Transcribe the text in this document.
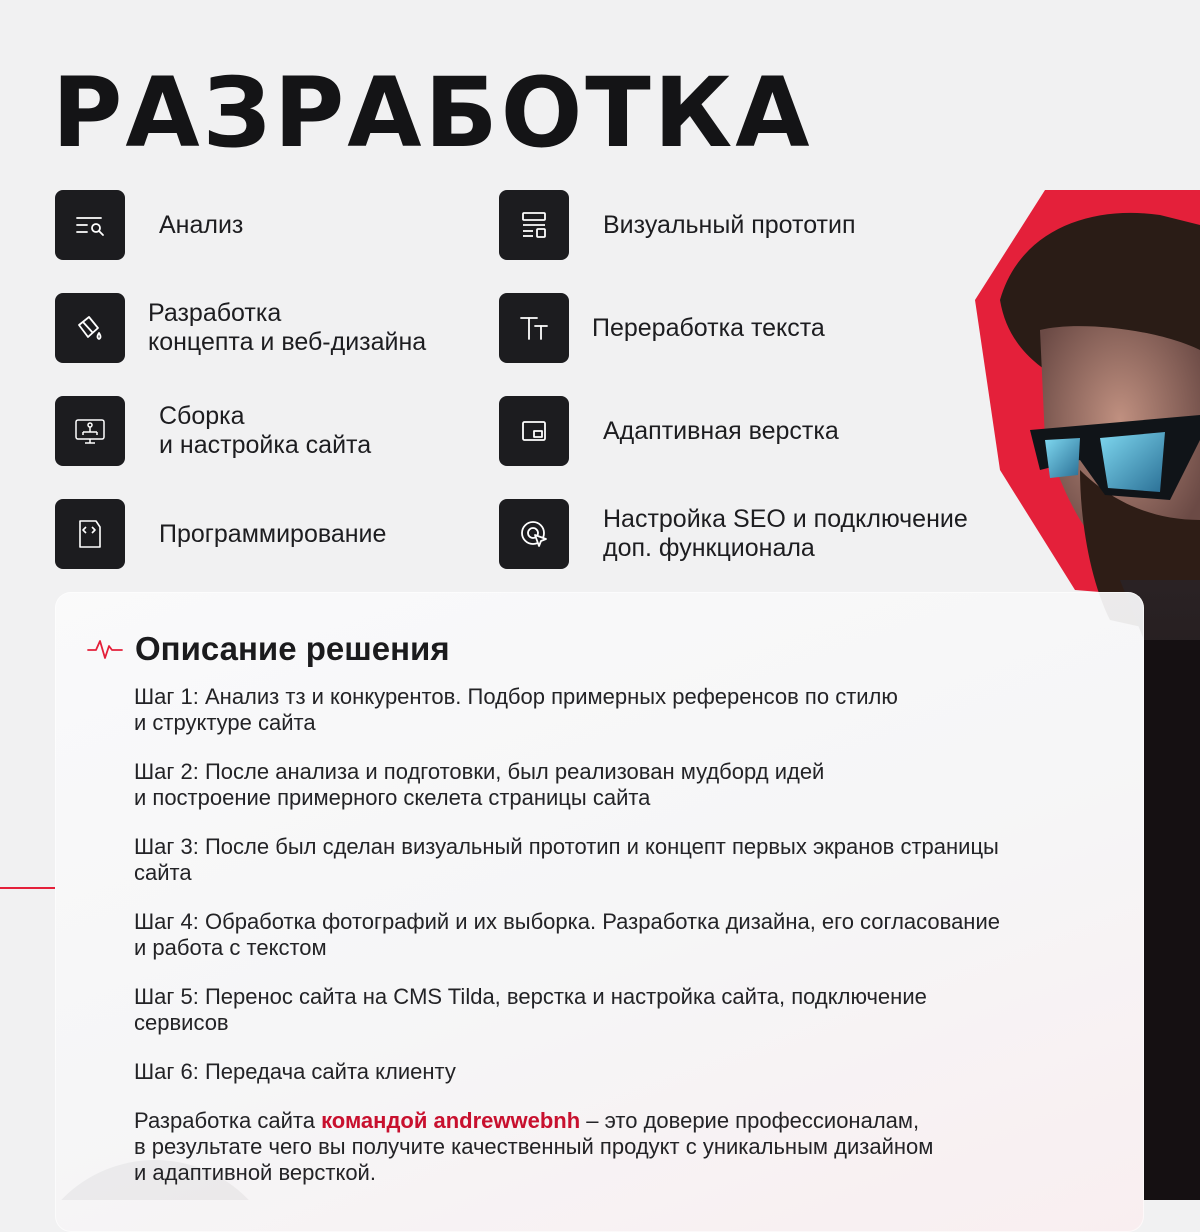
РАЗРАБОТКА
Анализ	Визуальный прототип
Разработка
концепта и веб-дизайна
Переработка текста
Сборка
и настройка сайта
Адаптивная верстка
Программирование
Настройка SEO и подключение
доп. функционала
Описание решения

Шаг 1: Анализ тз и конкурентов. Подбор примерных референсов по стилю
и структуре сайта

Шаг 2: После анализа и подготовки, был реализован мудборд идей
и построение примерного скелета страницы сайта

Шаг 3: После был сделан визуальный прототип и концепт первых экранов страницы
сайта

Шаг 4: Обработка фотографий и их выборка. Разработка дизайна, его согласование
и работа с текстом

Шаг 5: Перенос сайта на CMS Tilda, верстка и настройка сайта, подключение
сервисов

Шаг 6: Передача сайта клиенту

Разработка сайта командой andrewwebnh – это доверие профессионалам,
в результате чего вы получите качественный продукт с уникальным дизайном
и адаптивной версткой.
